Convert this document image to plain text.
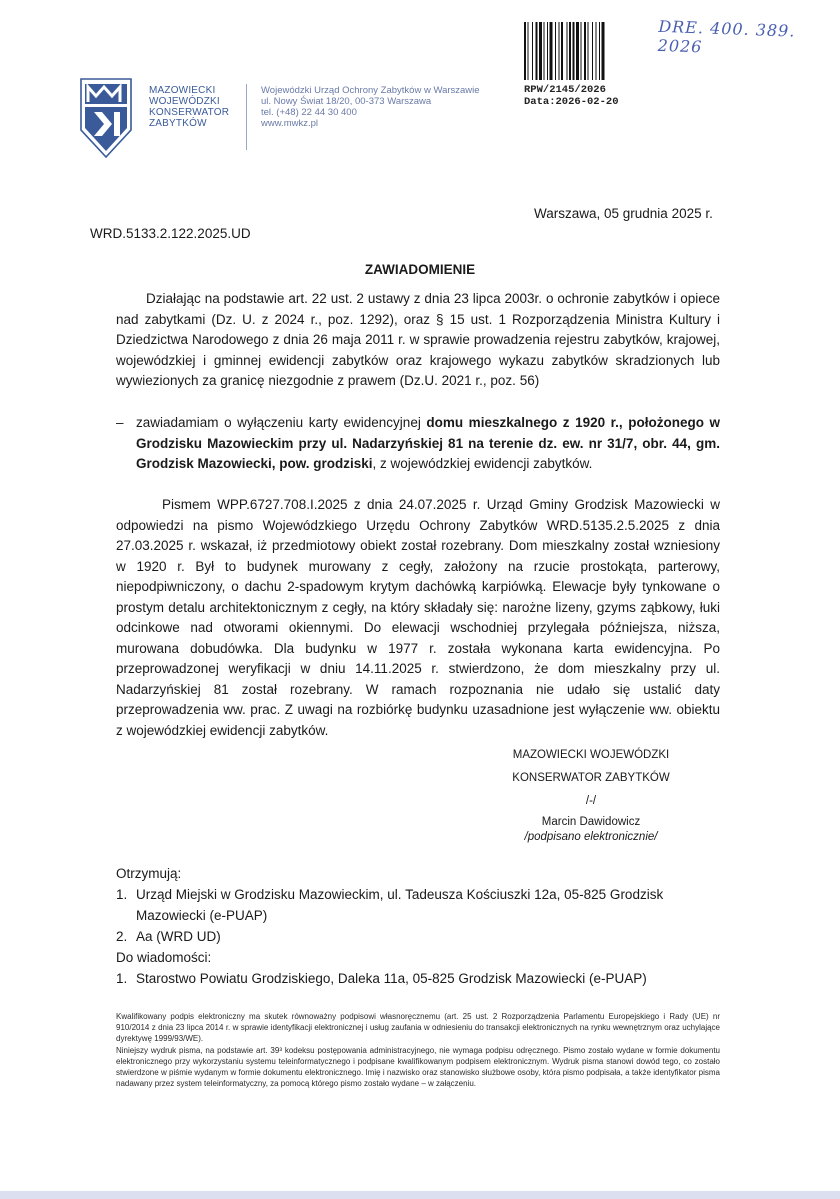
MAZOWIECKI
WOJEWÓDZKI
KONSERWATOR
ZABYTKÓW
Wojewódzki Urząd Ochrony Zabytków w Warszawie
ul. Nowy Świat 18/20, 00-373 Warszawa
tel. (+48) 22 44 30 400
www.mwkz.pl
RPW/2145/2026
Data:2026-02-20
DRE. 400. 389. 2026
Warszawa, 05 grudnia 2025 r.
WRD.5133.2.122.2025.UD
ZAWIADOMIENIE
Działając na podstawie art. 22 ust. 2 ustawy z dnia 23 lipca 2003r. o ochronie zabytków i opiece nad zabytkami (Dz. U. z 2024 r., poz. 1292), oraz § 15 ust. 1 Rozporządzenia Ministra Kultury i Dziedzictwa Narodowego z dnia 26 maja 2011 r. w sprawie prowadzenia rejestru zabytków, krajowej, wojewódzkiej i gminnej ewidencji zabytków oraz krajowego wykazu zabytków skradzionych lub wywiezionych za granicę niezgodnie z prawem (Dz.U. 2021 r., poz. 56)
– zawiadamiam o wyłączeniu karty ewidencyjnej domu mieszkalnego z 1920 r., położonego w Grodzisku Mazowieckim przy ul. Nadarzyńskiej 81 na terenie dz. ew. nr 31/7, obr. 44, gm. Grodzisk Mazowiecki, pow. grodziski, z wojewódzkiej ewidencji zabytków.
Pismem WPP.6727.708.I.2025 z dnia 24.07.2025 r. Urząd Gminy Grodzisk Mazowiecki w odpowiedzi na pismo Wojewódzkiego Urzędu Ochrony Zabytków WRD.5135.2.5.2025 z dnia 27.03.2025 r. wskazał, iż przedmiotowy obiekt został rozebrany. Dom mieszkalny został wzniesiony w 1920 r. Był to budynek murowany z cegły, założony na rzucie prostokąta, parterowy, niepodpiwniczony, o dachu 2-spadowym krytym dachówką karpiówką. Elewacje były tynkowane o prostym detalu architektonicznym z cegły, na który składały się: narożne lizeny, gzyms ząbkowy, łuki odcinkowe nad otworami okiennymi. Do elewacji wschodniej przylegała późniejsza, niższa, murowana dobudówka. Dla budynku w 1977 r. została wykonana karta ewidencyjna. Po przeprowadzonej weryfikacji w dniu 14.11.2025 r. stwierdzono, że dom mieszkalny przy ul. Nadarzyńskiej 81 został rozebrany. W ramach rozpoznania nie udało się ustalić daty przeprowadzenia ww. prac. Z uwagi na rozbiórkę budynku uzasadnione jest wyłączenie ww. obiektu z wojewódzkiej ewidencji zabytków.
MAZOWIECKI WOJEWÓDZKI
KONSERWATOR ZABYTKÓW
/-/
Marcin Dawidowicz
/podpisano elektronicznie/
Otrzymują:
1. Urząd Miejski w Grodzisku Mazowieckim, ul. Tadeusza Kościuszki 12a, 05-825 Grodzisk Mazowiecki (e-PUAP)
2. Aa (WRD UD)
Do wiadomości:
1. Starostwo Powiatu Grodziskiego, Daleka 11a, 05-825 Grodzisk Mazowiecki (e-PUAP)

Kwalifikowany podpis elektroniczny ma skutek równoważny podpisowi własnoręcznemu (art. 25 ust. 2 Rozporządzenia Parlamentu Europejskiego i Rady (UE) nr 910/2014 z dnia 23 lipca 2014 r. w sprawie identyfikacji elektronicznej i usług zaufania w odniesieniu do transakcji elektronicznych na rynku wewnętrznym oraz uchylające dyrektywę 1999/93/WE).

Niniejszy wydruk pisma, na podstawie art. 39³ kodeksu postępowania administracyjnego, nie wymaga podpisu odręcznego. Pismo zostało wydane w formie dokumentu elektronicznego przy wykorzystaniu systemu teleinformatycznego i podpisane kwalifikowanym podpisem elektronicznym. Wydruk pisma stanowi dowód tego, co zostało stwierdzone w piśmie wydanym w formie dokumentu elektronicznego. Imię i nazwisko oraz stanowisko służbowe osoby, która pismo podpisała, a także identyfikator pisma nadawany przez system teleinformatyczny, za pomocą którego pismo zostało wydane – w załączeniu.
